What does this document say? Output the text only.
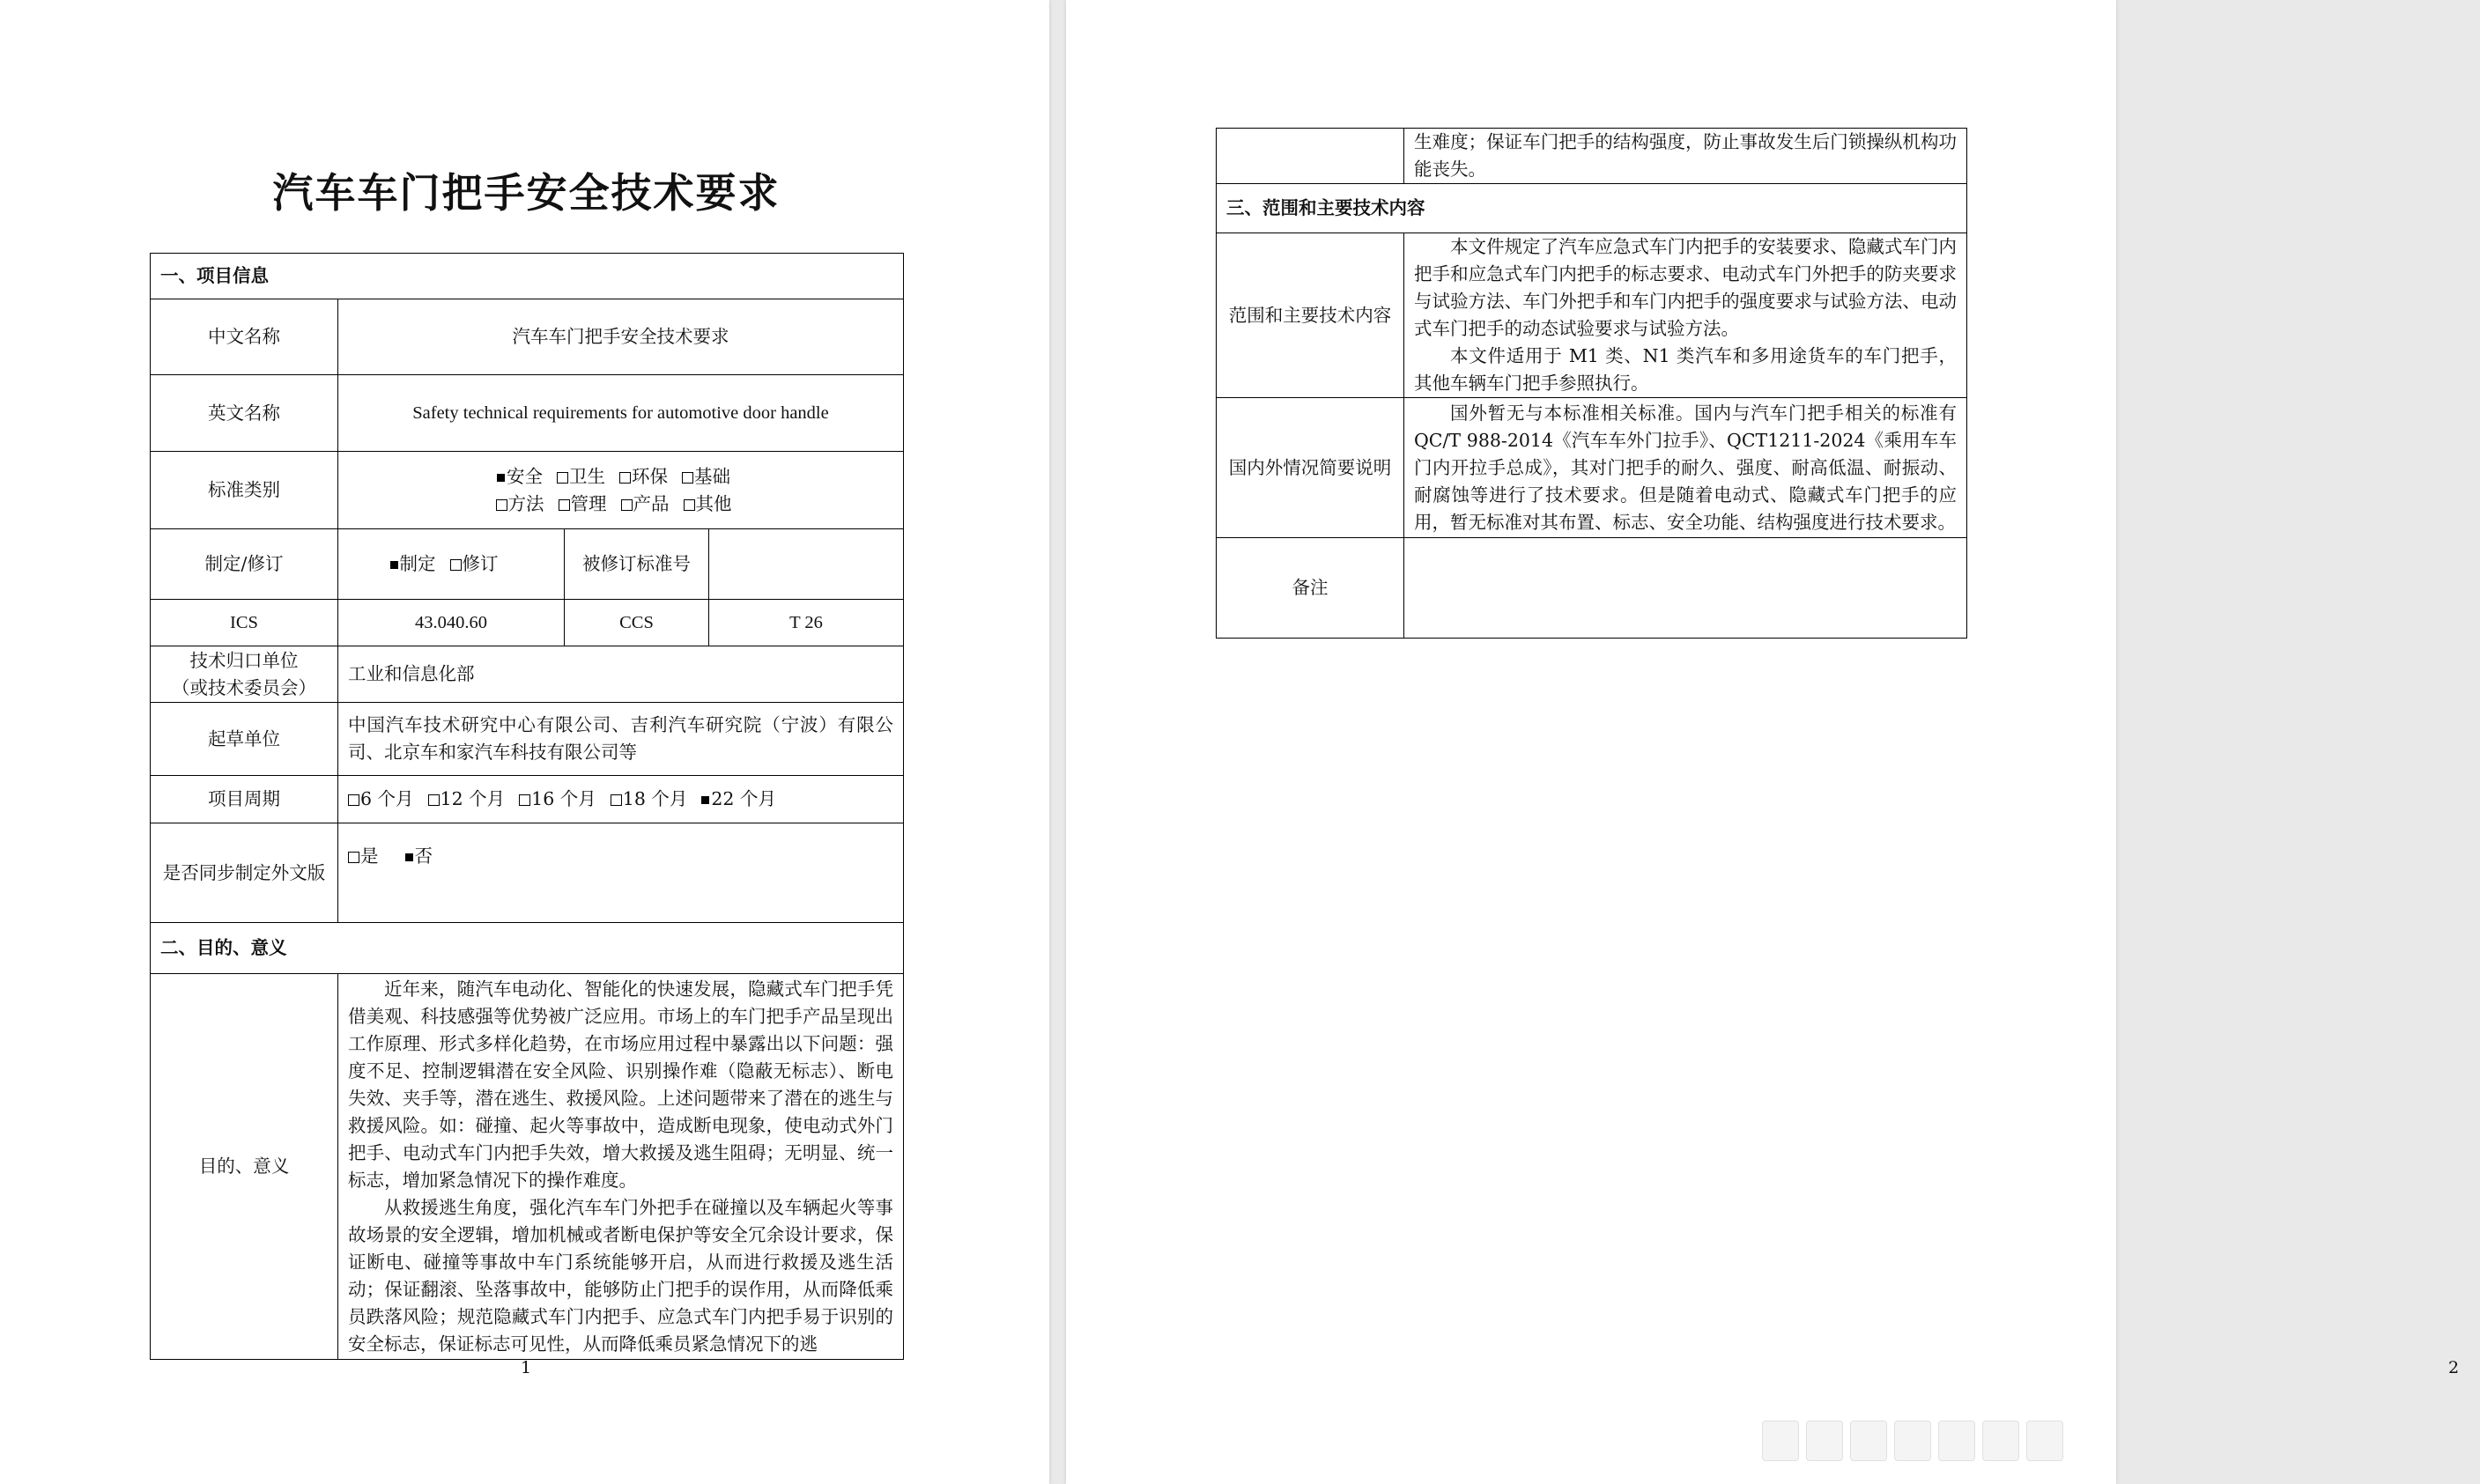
汽车车门把手安全技术要求
一、项目信息			
中文名称	汽车车门把手安全技术要求		
英文名称	Safety technical requirements for automotive door handle		
标准类别	安全 卫生 环保 基础
方法 管理 产品 其他		

制定/修订	制定 修订	被修订标准号	
ICS	43.040.60	CCS	T 26

技术归口单位
（或技术委员会）	工业和信息化部		
起草单位	中国汽车技术研究中心有限公司、吉利汽车研究院（宁波）有限公司、北京车和家汽车科技有限公司等		
项目周期	6 个月 12 个月 16 个月 18 个月 22 个月		
是否同步制定外文版	是 否		
二、目的、意义			
目的、意义	近年来，随汽车电动化、智能化的快速发展，隐藏式车门把手凭借美观、科技感强等优势被广泛应用。市场上的车门把手产品呈现出工作原理、形式多样化趋势，在市场应用过程中暴露出以下问题：强度不足、控制逻辑潜在安全风险、识别操作难（隐蔽无标志）、断电失效、夹手等，潜在逃生、救援风险。上述问题带来了潜在的逃生与救援风险。如：碰撞、起火等事故中，造成断电现象，使电动式外门把手、电动式车门内把手失效，增大救援及逃生阻碍；无明显、统一标志，增加紧急情况下的操作难度。

从救援逃生角度，强化汽车车门外把手在碰撞以及车辆起火等事故场景的安全逻辑，增加机械或者断电保护等安全冗余设计要求，保证断电、碰撞等事故中车门系统能够开启，从而进行救援及逃生活动；保证翻滚、坠落事故中，能够防止门把手的误作用，从而降低乘员跌落风险；规范隐藏式车门内把手、应急式车门内把手易于识别的安全标志，保证标志可见性，从而降低乘员紧急情况下的逃		

1

	生难度；保证车门把手的结构强度，防止事故发生后门锁操纵机构功能丧失。

三、范围和主要技术内容	
范围和主要技术内容	本文件规定了汽车应急式车门内把手的安装要求、隐藏式车门内把手和应急式车门内把手的标志要求、电动式车门外把手的防夹要求与试验方法、车门外把手和车门内把手的强度要求与试验方法、电动式车门把手的动态试验要求与试验方法。

本文件适用于 M1 类、N1 类汽车和多用途货车的车门把手，其他车辆车门把手参照执行。

国内外情况简要说明	国外暂无与本标准相关标准。国内与汽车门把手相关的标准有 QC/T 988-2014《汽车车外门拉手》、QCT1211-2024《乘用车车门内开拉手总成》，其对门把手的耐久、强度、耐高低温、耐振动、耐腐蚀等进行了技术要求。但是随着电动式、隐藏式车门把手的应用，暂无标准对其布置、标志、安全功能、结构强度进行技术要求。

备注	
2
